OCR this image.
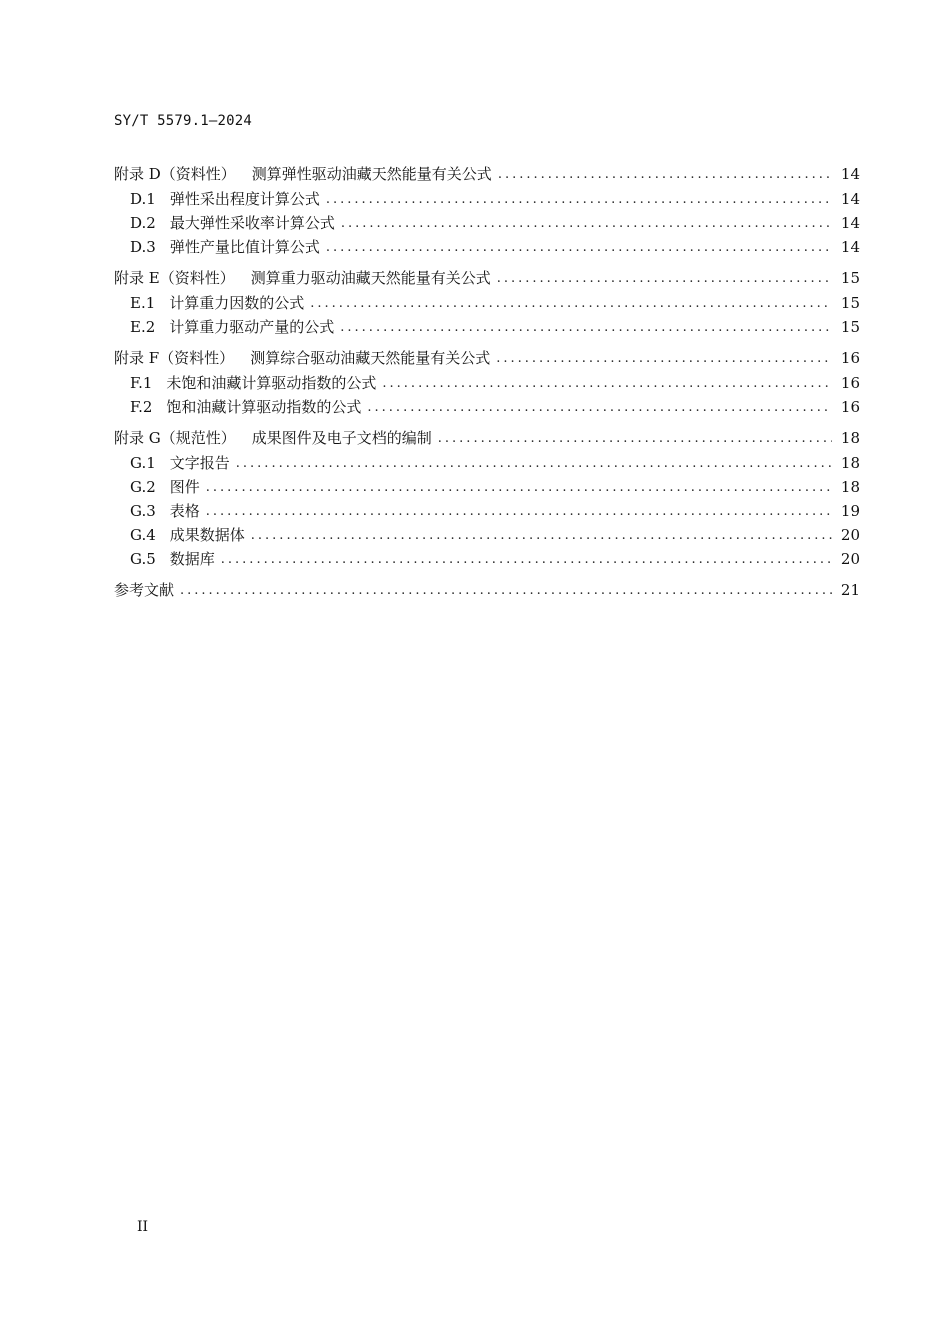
SY/T 5579.1—2024
附录 D（资料性） 测算弹性驱动油藏天然能量有关公式 .....	14
D.1 弹性采出程度计算公式 .....	14
D.2 最大弹性采收率计算公式 .....	14
D.3 弹性产量比值计算公式 .....	14
附录 E（资料性） 测算重力驱动油藏天然能量有关公式 .....	15
E.1 计算重力因数的公式 .....	15
E.2 计算重力驱动产量的公式 .....	15
附录 F（资料性） 测算综合驱动油藏天然能量有关公式 .....	16
F.1 未饱和油藏计算驱动指数的公式 .....	16
F.2 饱和油藏计算驱动指数的公式 .....	16
附录 G（规范性） 成果图件及电子文档的编制 .....	18
G.1 文字报告 .....	18
G.2 图件 .....	18
G.3 表格 .....	19
G.4 成果数据体 .....	20
G.5 数据库 .....	20
参考文献 .....	21
II
